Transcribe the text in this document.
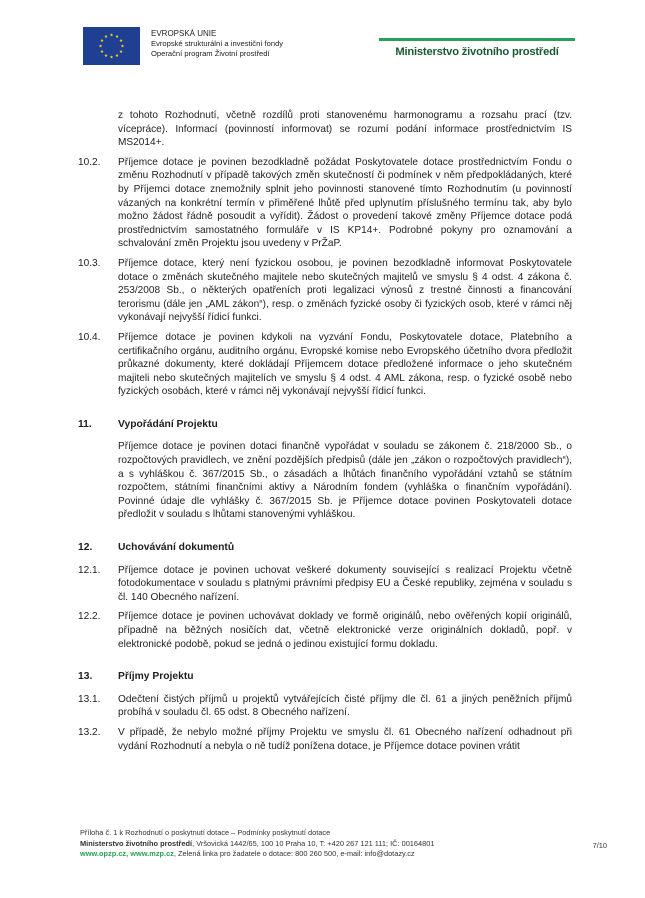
EVROPSKÁ UNIE
Evropské strukturální a investiční fondy
Operační program Životní prostředí	Ministerstvo životního prostředí
z tohoto Rozhodnutí, včetně rozdílů proti stanovenému harmonogramu a rozsahu prací (tzv. vícepráce). Informací (povinností informovat) se rozumí podání informace prostřednictvím IS MS2014+.
10.2. Příjemce dotace je povinen bezodkladně požádat Poskytovatele dotace prostřednictvím Fondu o změnu Rozhodnutí v případě takových změn skutečností či podmínek v něm předpokládaných, které by Příjemci dotace znemožnily splnit jeho povinnosti stanovené tímto Rozhodnutím (u povinností vázaných na konkrétní termín v přiměřené lhůtě před uplynutím příslušného termínu tak, aby bylo možno žádost řádně posoudit a vyřídit). Žádost o provedení takové změny Příjemce dotace podá prostřednictvím samostatného formuláře v IS KP14+. Podrobné pokyny pro oznamování a schvalování změn Projektu jsou uvedeny v PrŽaP.
10.3. Příjemce dotace, který není fyzickou osobou, je povinen bezodkladně informovat Poskytovatele dotace o změnách skutečného majitele nebo skutečných majitelů ve smyslu § 4 odst. 4 zákona č. 253/2008 Sb., o některých opatřeních proti legalizaci výnosů z trestné činnosti a financování terorismu (dále jen „AML zákon“), resp. o změnách fyzické osoby či fyzických osob, které v rámci něj vykonávají nejvyšší řídicí funkci.
10.4. Příjemce dotace je povinen kdykoli na vyzvání Fondu, Poskytovatele dotace, Platebního a certifikačního orgánu, auditního orgánu, Evropské komise nebo Evropského účetního dvora předložit průkazné dokumenty, které dokládají Příjemcem dotace předložené informace o jeho skutečném majiteli nebo skutečných majitelích ve smyslu § 4 odst. 4 AML zákona, resp. o fyzické osobě nebo fyzických osobách, které v rámci něj vykonávají nejvyšší řídicí funkci.
11.	Vypořádání Projektu
Příjemce dotace je povinen dotaci finančně vypořádat v souladu se zákonem č. 218/2000 Sb., o rozpočtových pravidlech, ve znění pozdějších předpisů (dále jen „zákon o rozpočtových pravidlech“), a s vyhláškou č. 367/2015 Sb., o zásadách a lhůtách finančního vypořádání vztahů se státním rozpočtem, státními finančními aktivy a Národním fondem (vyhláška o finančním vypořádání). Povinné údaje dle vyhlášky č. 367/2015 Sb. je Příjemce dotace povinen Poskytovateli dotace předložit v souladu s lhůtami stanovenými vyhláškou.
12. Uchovávání dokumentů
12.1. Příjemce dotace je povinen uchovat veškeré dokumenty související s realizací Projektu včetně fotodokumentace v souladu s platnými právními předpisy EU a České republiky, zejména v souladu s čl. 140 Obecného nařízení.
12.2. Příjemce dotace je povinen uchovávat doklady ve formě originálů, nebo ověřených kopií originálů, případně na běžných nosičích dat, včetně elektronické verze originálních dokladů, popř. v elektronické podobě, pokud se jedná o jedinou existující formu dokladu.
13. Příjmy Projektu
13.1. Odečtení čistých příjmů u projektů vytvářejících čisté příjmy dle čl. 61 a jiných peněžních příjmů probíhá v souladu čl. 65 odst. 8 Obecného nařízení.
13.2. V případě, že nebylo možné příjmy Projektu ve smyslu čl. 61 Obecného nařízení odhadnout při vydání Rozhodnutí a nebyla o ně tudíž ponížena dotace, je Příjemce dotace povinen vrátit
Příloha č. 1 k Rozhodnutí o poskytnutí dotace – Podmínky poskytnutí dotace
Ministerstvo životního prostředí, Vršovická 1442/65, 100 10 Praha 10, T: +420 267 121 111; IČ: 00164801
www.opzp.cz, www.mzp.cz, Zelená linka pro žadatele o dotace: 800 260 500, e-mail: info@dotazy.cz
7/10
